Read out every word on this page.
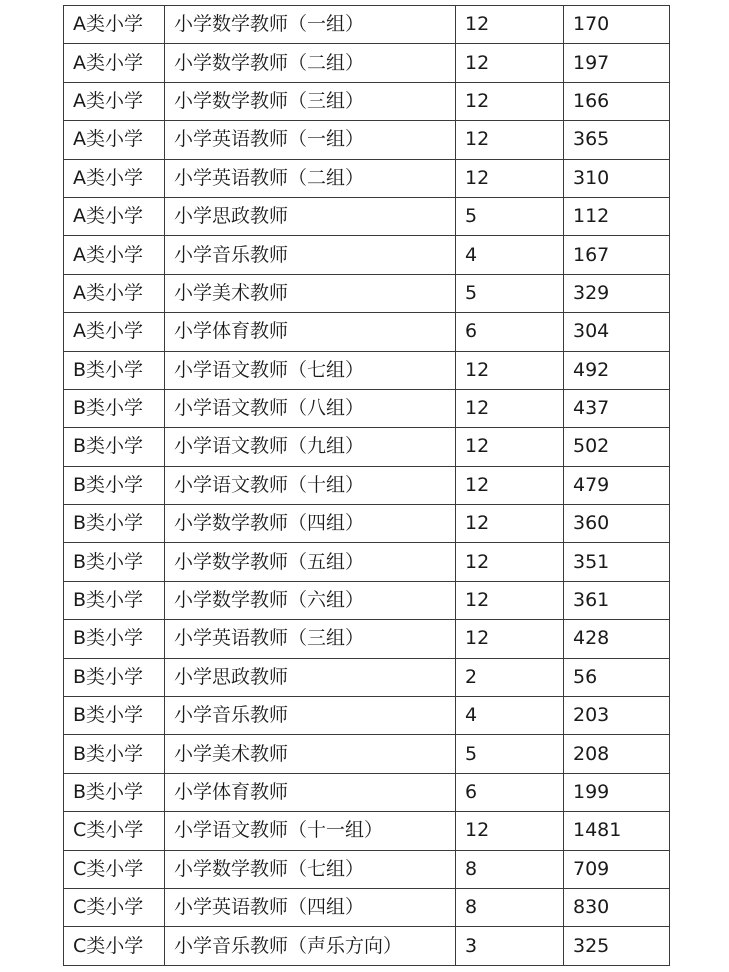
A类小学	小学数学教师（一组）	12	170
A类小学	小学数学教师（二组）	12	197
A类小学	小学数学教师（三组）	12	166
A类小学	小学英语教师（一组）	12	365
A类小学	小学英语教师（二组）	12	310
A类小学	小学思政教师	5	112
A类小学	小学音乐教师	4	167
A类小学	小学美术教师	5	329
A类小学	小学体育教师	6	304
B类小学	小学语文教师（七组）	12	492
B类小学	小学语文教师（八组）	12	437
B类小学	小学语文教师（九组）	12	502
B类小学	小学语文教师（十组）	12	479
B类小学	小学数学教师（四组）	12	360
B类小学	小学数学教师（五组）	12	351
B类小学	小学数学教师（六组）	12	361
B类小学	小学英语教师（三组）	12	428
B类小学	小学思政教师	2	56
B类小学	小学音乐教师	4	203
B类小学	小学美术教师	5	208
B类小学	小学体育教师	6	199
C类小学	小学语文教师（十一组）	12	1481
C类小学	小学数学教师（七组）	8	709
C类小学	小学英语教师（四组）	8	830
C类小学	小学音乐教师（声乐方向）	3	325
